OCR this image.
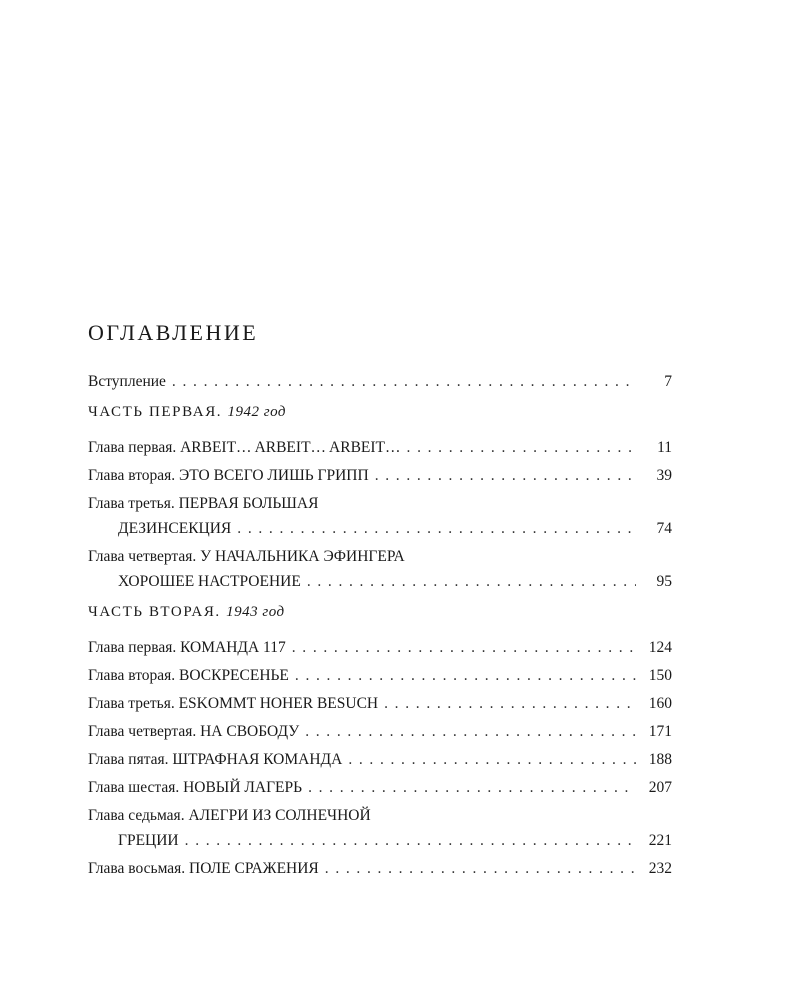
ОГЛАВЛЕНИЕ
Вступление . . .	7
ЧАСТЬ ПЕРВАЯ. 1942 год
Глава первая. ARBEIT… ARBEIT… ARBEIT… . . .	11
Глава вторая. ЭТО ВСЕГО ЛИШЬ ГРИПП . . .	39
Глава третья. ПЕРВАЯ БОЛЬШАЯ
ДЕЗИНСЕКЦИЯ . . .	74
Глава четвертая. У НАЧАЛЬНИКА ЭФИНГЕРА
ХОРОШЕЕ НАСТРОЕНИЕ . . .	95
ЧАСТЬ ВТОРАЯ. 1943 год
Глава первая. КОМАНДА 117 . . .	124
Глава вторая. ВОСКРЕСЕНЬЕ . . .	150
Глава третья. ESKOMMT HOHER BESUCH . . .	160
Глава четвертая. НА СВОБОДУ . . .	171
Глава пятая. ШТРАФНАЯ КОМАНДА . . .	188
Глава шестая. НОВЫЙ ЛАГЕРЬ . . .	207
Глава седьмая. АЛЕГРИ ИЗ СОЛНЕЧНОЙ
ГРЕЦИИ . . .	221
Глава восьмая. ПОЛЕ СРАЖЕНИЯ . . .	232
